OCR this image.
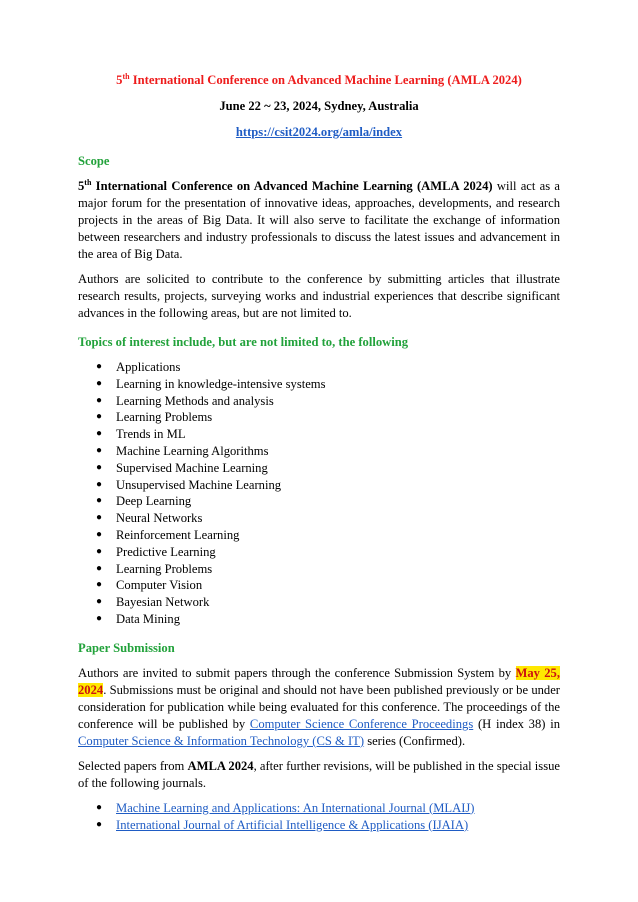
5th International Conference on Advanced Machine Learning (AMLA 2024)
June 22 ~ 23, 2024, Sydney, Australia
https://csit2024.org/amla/index
Scope

5th International Conference on Advanced Machine Learning (AMLA 2024) will act as a major forum for the presentation of innovative ideas, approaches, developments, and research projects in the areas of Big Data. It will also serve to facilitate the exchange of information between researchers and industry professionals to discuss the latest issues and advancement in the area of Big Data.

Authors are solicited to contribute to the conference by submitting articles that illustrate research results, projects, surveying works and industrial experiences that describe significant advances in the following areas, but are not limited to.

Topics of interest include, but are not limited to, the following
● Applications
● Learning in knowledge-intensive systems
● Learning Methods and analysis
● Learning Problems
● Trends in ML
● Machine Learning Algorithms
● Supervised Machine Learning
● Unsupervised Machine Learning
● Deep Learning
● Neural Networks
● Reinforcement Learning
● Predictive Learning
● Learning Problems
● Computer Vision
● Bayesian Network
● Data Mining
Paper Submission

Authors are invited to submit papers through the conference Submission System by May 25, 2024. Submissions must be original and should not have been published previously or be under consideration for publication while being evaluated for this conference. The proceedings of the conference will be published by Computer Science Conference Proceedings (H index 38) in Computer Science & Information Technology (CS & IT) series (Confirmed).

Selected papers from AMLA 2024, after further revisions, will be published in the special issue of the following journals.

● Machine Learning and Applications: An International Journal (MLAIJ)
● International Journal of Artificial Intelligence & Applications (IJAIA)
